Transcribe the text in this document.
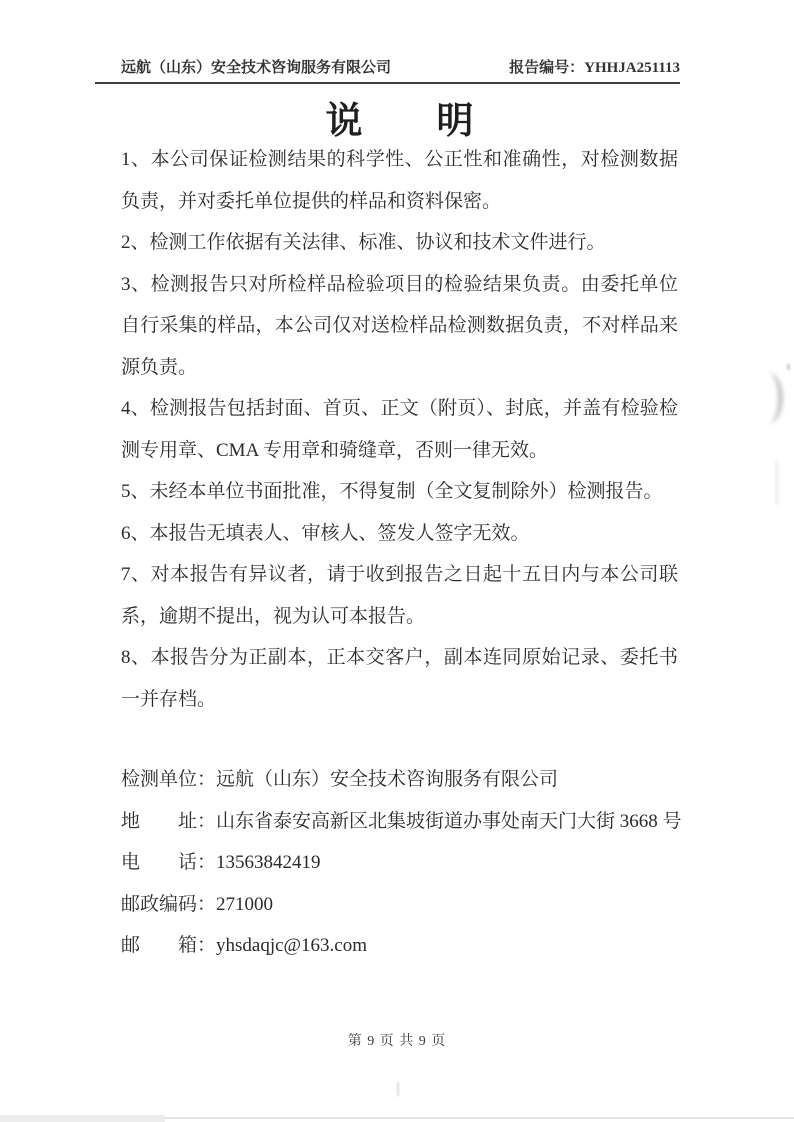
远航（山东）安全技术咨询服务有限公司	报告编号：YHHJA251113
说　　明

1、本公司保证检测结果的科学性、公正性和准确性，对检测数据负责，并对委托单位提供的样品和资料保密。

2、检测工作依据有关法律、标准、协议和技术文件进行。

3、检测报告只对所检样品检验项目的检验结果负责。由委托单位自行采集的样品，本公司仅对送检样品检测数据负责，不对样品来源负责。

4、检测报告包括封面、首页、正文（附页）、封底，并盖有检验检测专用章、CMA 专用章和骑缝章，否则一律无效。

5、未经本单位书面批准，不得复制（全文复制除外）检测报告。

6、本报告无填表人、审核人、签发人签字无效。

7、对本报告有异议者，请于收到报告之日起十五日内与本公司联系，逾期不提出，视为认可本报告。

8、本报告分为正副本，正本交客户，副本连同原始记录、委托书一并存档。

检测单位：远航（山东）安全技术咨询服务有限公司
地　　址：山东省泰安高新区北集坡街道办事处南天门大街 3668 号
电　　话：13563842419
邮政编码：271000
邮　　箱：yhsdaqjc@163.com
第 9 页 共 9 页
